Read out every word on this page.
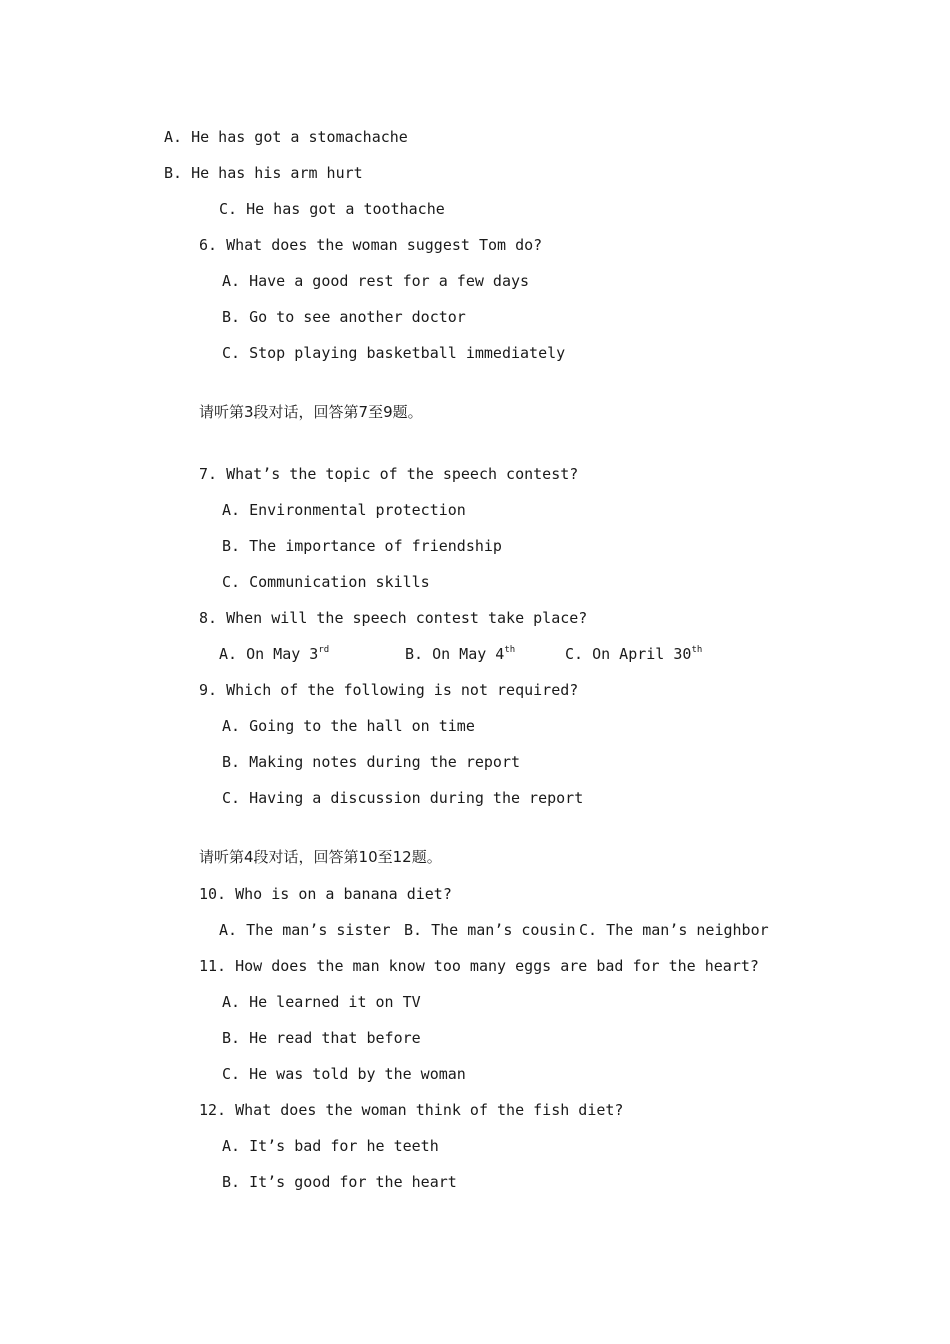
A. He has got a stomachache
B. He has his arm hurt
C. He has got a toothache
6. What does the woman suggest Tom do?
A. Have a good rest for a few days
B. Go to see another doctor
C. Stop playing basketball immediately
请听第3段对话，回答第7至9题。
7. What’s the topic of the speech contest?
A. Environmental protection
B. The importance of friendship
C. Communication skills
8. When will the speech contest take place?
A. On May 3rd	B. On May 4th	C. On April 30th
9. Which of the following is not required?
A. Going to the hall on time
B. Making notes during the report
C. Having a discussion during the report
请听第4段对话，回答第10至12题。
10. Who is on a banana diet?
A. The man’s sister B. The man’s cousin C. The man’s neighbor
11. How does the man know too many eggs are bad for the heart?
A. He learned it on TV
B. He read that before
C. He was told by the woman
12. What does the woman think of the fish diet?
A. It’s bad for he teeth
B. It’s good for the heart
